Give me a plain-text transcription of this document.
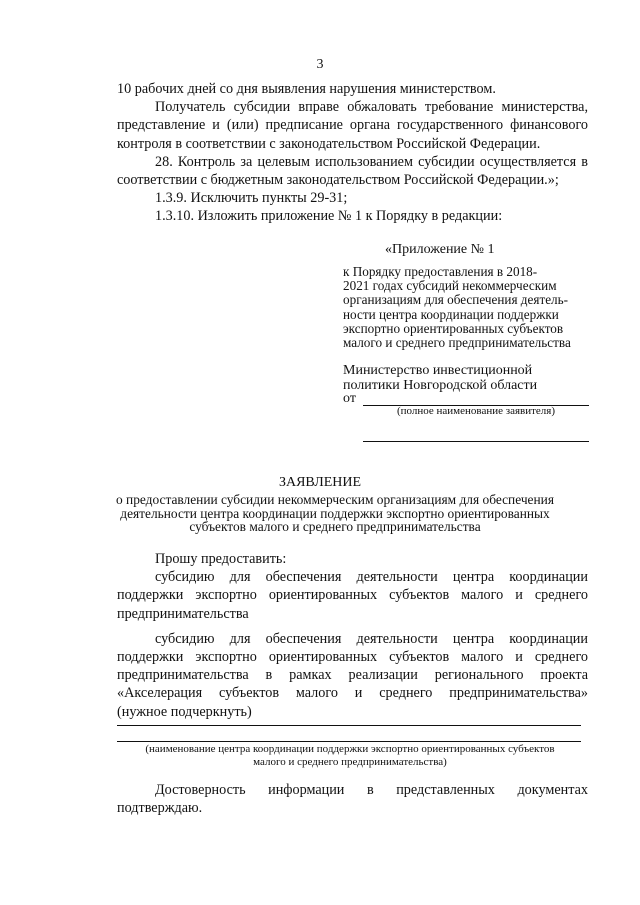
3
10 рабочих дней со дня выявления нарушения министерством.
Получатель субсидии вправе обжаловать требование министерства,
представление и (или) предписание органа государственного финансового
контроля в соответствии с законодательством Российской Федерации.
28. Контроль за целевым использованием субсидии осуществляется в
соответствии с бюджетным законодательством Российской Федерации.»;
1.3.9. Исключить пункты 29-31;
1.3.10. Изложить приложение № 1 к Порядку в редакции:
«Приложение № 1
к Порядку предоставления в 2018-
2021 годах субсидий некоммерческим
организациям для обеспечения деятель-
ности центра координации поддержки
экспортно ориентированных субъектов
малого и среднего предпринимательства
Министерство инвестиционной
политики Новгородской области
от
(полное наименование заявителя)
ЗАЯВЛЕНИЕ
о предоставлении субсидии некоммерческим организациям для обеспечения
деятельности центра координации поддержки экспортно ориентированных
субъектов малого и среднего предпринимательства
Прошу предоставить:
субсидию для обеспечения деятельности центра координации
поддержки экспортно ориентированных субъектов малого и среднего
предпринимательства
субсидию для обеспечения деятельности центра координации
поддержки экспортно ориентированных субъектов малого и среднего
предпринимательства в рамках реализации регионального проекта
«Акселерация субъектов малого и среднего предпринимательства»
(нужное подчеркнуть)
(наименование центра координации поддержки экспортно ориентированных субъектов
малого и среднего предпринимательства)
Достоверность информации в представленных документах
подтверждаю.
